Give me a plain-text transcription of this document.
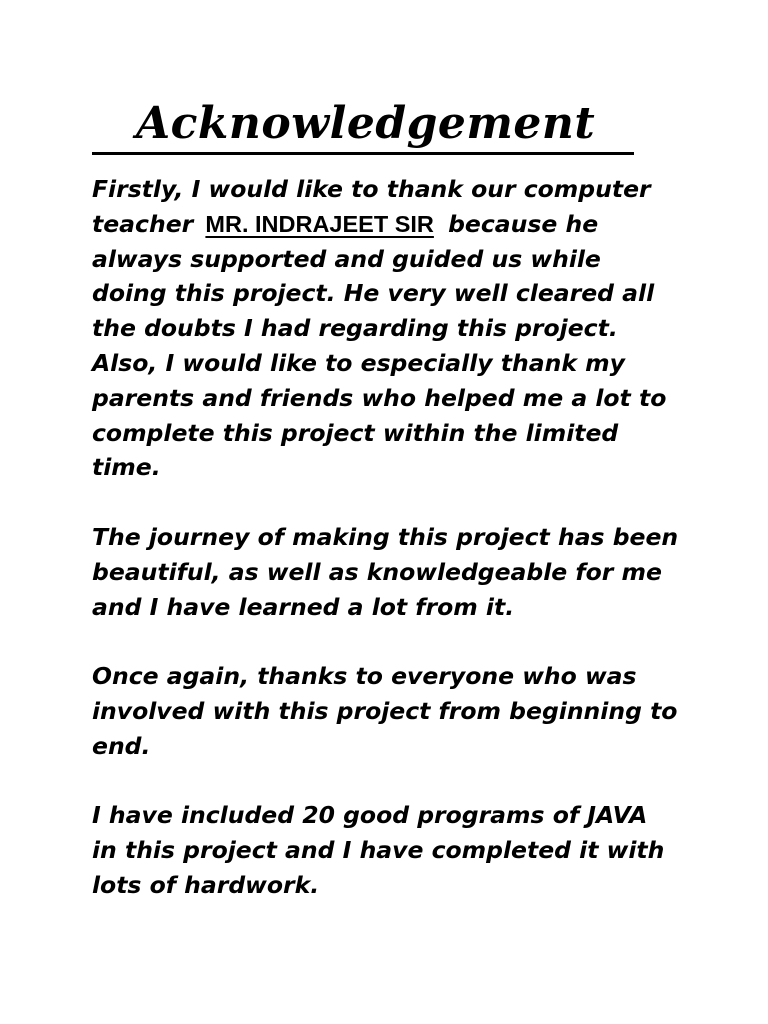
Acknowledgement

Firstly, I would like to thank our computer
teacher MR. INDRAJEET SIR because he
always supported and guided us while
doing this project. He very well cleared all
the doubts I had regarding this project.
Also, I would like to especially thank my
parents and friends who helped me a lot to
complete this project within the limited
time.

The journey of making this project has been
beautiful, as well as knowledgeable for me
and I have learned a lot from it.

Once again, thanks to everyone who was
involved with this project from beginning to
end.

I have included 20 good programs of JAVA
in this project and I have completed it with
lots of hardwork.
